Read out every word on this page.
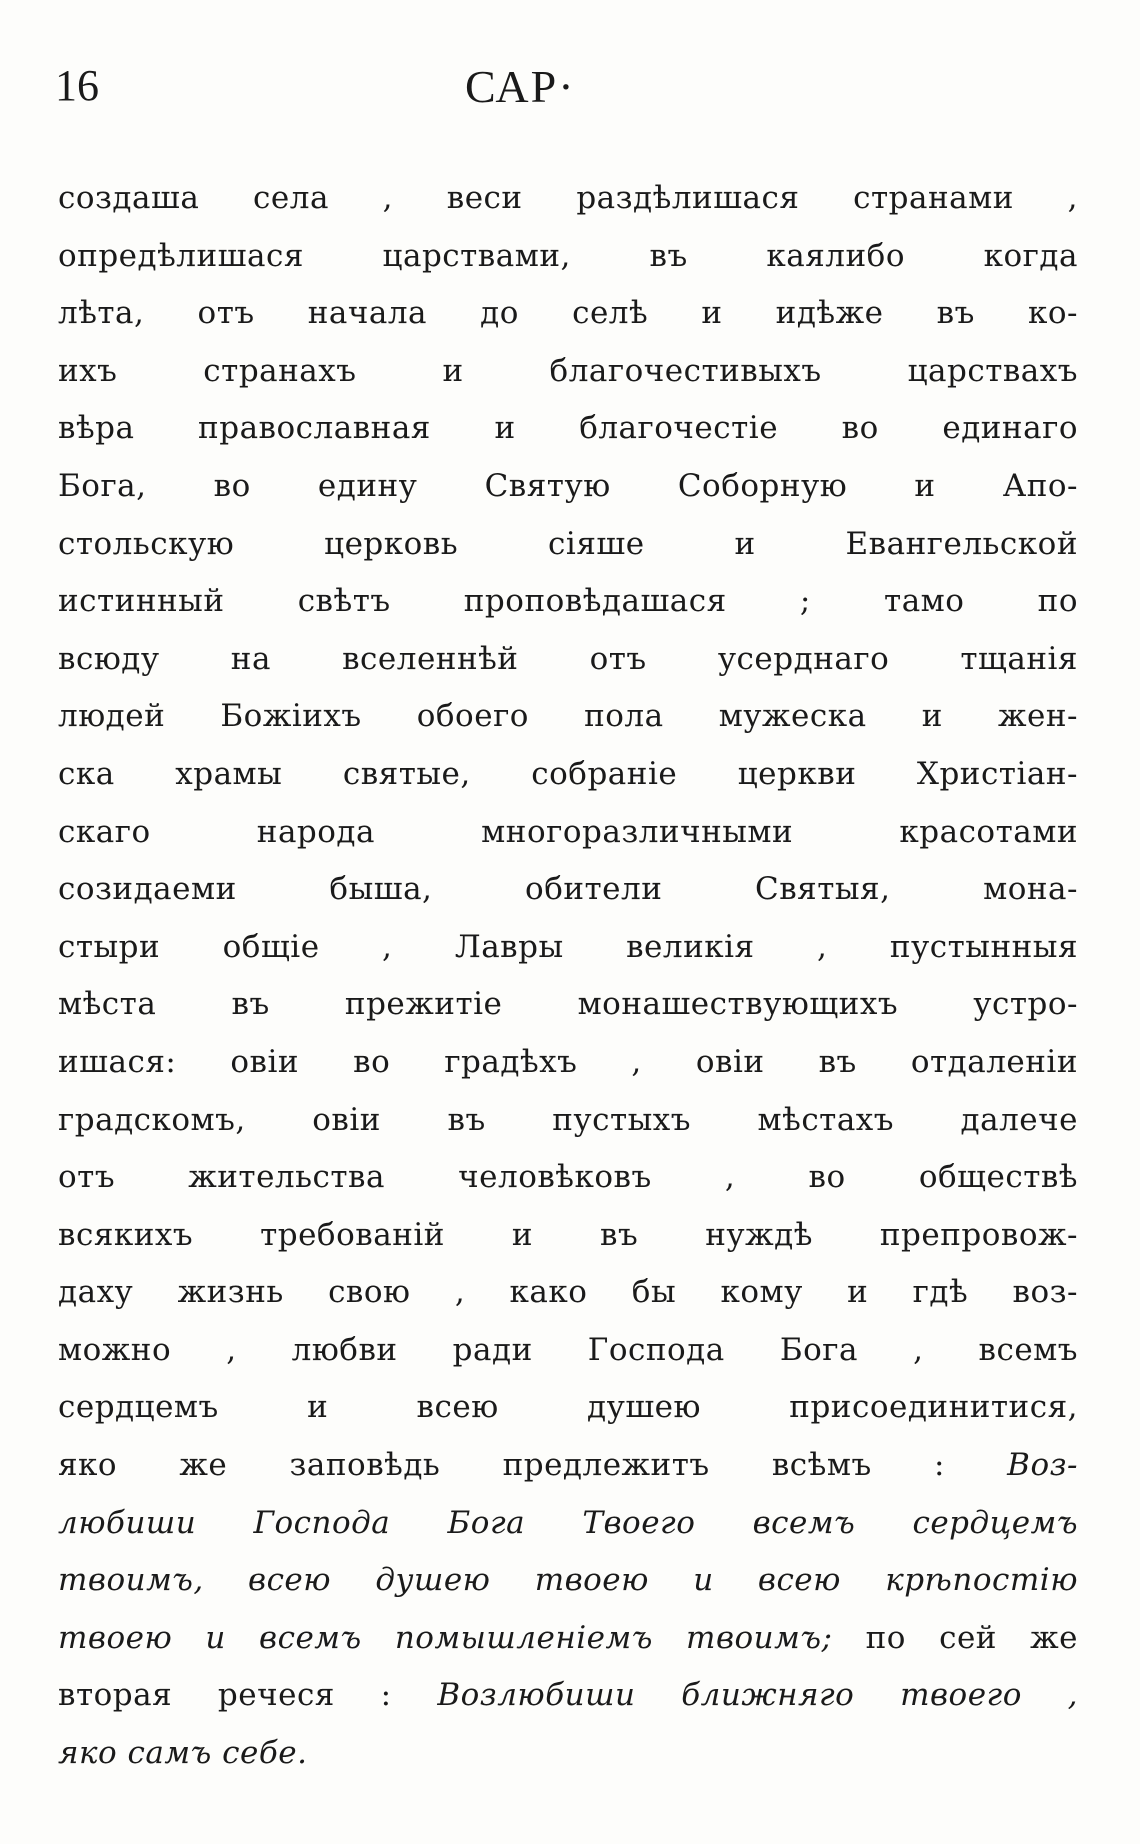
16	САР·
создаша села , веси раздѣлишася странами ,
опредѣлишася царствами, въ каялибо когда
лѣта, отъ начала до селѣ и идѣже въ ко-
ихъ странахъ и благочестивыхъ царствахъ
вѣра православная и благочестіе во единаго
Бога, во едину Святую Соборную и Апо-
стольскую церковь сіяше и Евангельской
истинный свѣтъ проповѣдашася ; тамо по
всюду на вселеннѣй отъ усерднаго тщанія
людей Божіихъ обоего пола мужеска и жен-
ска храмы святые, собраніе церкви Христіан-
скаго народа многоразличными красотами
созидаеми быша, обители Святыя, мона-
стыри общіе , Лавры великія , пустынныя
мѣста въ прежитіе монашествующихъ устро-
ишася: овіи во градѣхъ , овіи въ отдаленіи
градскомъ, овіи въ пустыхъ мѣстахъ далече
отъ жительства человѣковъ , во обществѣ
всякихъ требованій и въ нуждѣ препровож-
даху жизнь свою , како бы кому и гдѣ воз-
можно , любви ради Господа Бога , всемъ
сердцемъ и всею душею присоединитися,
яко же заповѣдь предлежитъ всѣмъ : Воз-
любиши Господа Бога Твоего всемъ сердцемъ
твоимъ, всею душею твоею и всею крѣпостію
твоею и всемъ помышленіемъ твоимъ; по сей же
вторая речеся : Возлюбиши ближняго твоего ,
яко самъ себе.
